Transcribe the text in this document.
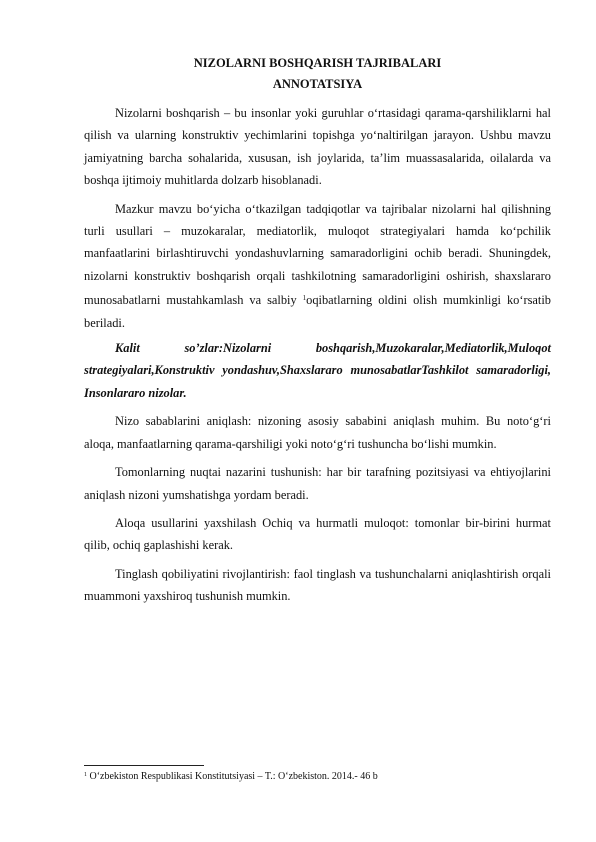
NIZOLARNI BOSHQARISH TAJRIBALARI
ANNOTATSIYA

Nizolarni boshqarish – bu insonlar yoki guruhlar o‘rtasidagi qarama-qarshiliklarni hal qilish va ularning konstruktiv yechimlarini topishga yo‘naltirilgan jarayon. Ushbu mavzu jamiyatning barcha sohalarida, xususan, ish joylarida, ta’lim muassasalarida, oilalarda va boshqa ijtimoiy muhitlarda dolzarb hisoblanadi.

Mazkur mavzu bo‘yicha o‘tkazilgan tadqiqotlar va tajribalar nizolarni hal qilishning turli usullari – muzokaralar, mediatorlik, muloqot strategiyalari hamda ko‘pchilik manfaatlarini birlashtiruvchi yondashuvlarning samaradorligini ochib beradi. Shuningdek, nizolarni konstruktiv boshqarish orqali tashkilotning samaradorligini oshirish, shaxslararo munosabatlarni mustahkamlash va salbiy $^1$oqibatlarning oldini olish mumkinligi ko‘rsatib beriladi.

Kalit so’zlar:Nizolarni boshqarish,Muzokaralar,Mediatorlik,Muloqot strategiyalari,Konstruktiv yondashuv,Shaxslararo munosabatlarTashkilot samaradorligi, Insonlararo nizolar.

Nizo sabablarini aniqlash: nizoning asosiy sababini aniqlash muhim. Bu noto‘g‘ri aloqa, manfaatlarning qarama-qarshiligi yoki noto‘g‘ri tushuncha bo‘lishi mumkin.

Tomonlarning nuqtai nazarini tushunish: har bir tarafning pozitsiyasi va ehtiyojlarini aniqlash nizoni yumshatishga yordam beradi.

Aloqa usullarini yaxshilash Ochiq va hurmatli muloqot: tomonlar bir-birini hurmat qilib, ochiq gaplashishi kerak.

Tinglash qobiliyatini rivojlantirish: faol tinglash va tushunchalarni aniqlashtirish orqali muammoni yaxshiroq tushunish mumkin.

$^1$ O‘zbekiston Respublikasi Konstitutsiyasi – T.: O‘zbekiston. 2014.- 46 b
